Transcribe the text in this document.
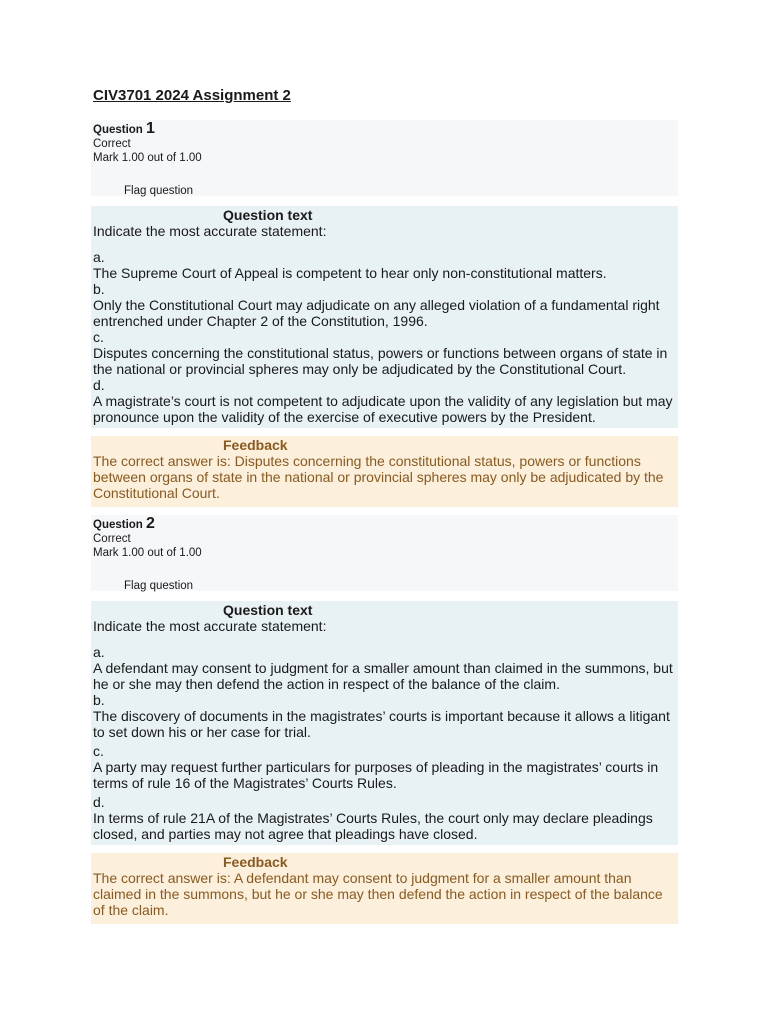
CIV3701 2024 Assignment 2
Question 1
Correct
Mark 1.00 out of 1.00
Flag question
Question text
Indicate the most accurate statement:
a.
The Supreme Court of Appeal is competent to hear only non-constitutional matters.
b.
Only the Constitutional Court may adjudicate on any alleged violation of a fundamental right entrenched under Chapter 2 of the Constitution, 1996.
c.
Disputes concerning the constitutional status, powers or functions between organs of state in the national or provincial spheres may only be adjudicated by the Constitutional Court.
d.
A magistrate’s court is not competent to adjudicate upon the validity of any legislation but may pronounce upon the validity of the exercise of executive powers by the President.
Feedback
The correct answer is: Disputes concerning the constitutional status, powers or functions between organs of state in the national or provincial spheres may only be adjudicated by the Constitutional Court.
Question 2
Correct
Mark 1.00 out of 1.00
Flag question
Question text
Indicate the most accurate statement:
a.
A defendant may consent to judgment for a smaller amount than claimed in the summons, but he or she may then defend the action in respect of the balance of the claim.
b.
The discovery of documents in the magistrates’ courts is important because it allows a litigant to set down his or her case for trial.
c.
A party may request further particulars for purposes of pleading in the magistrates’ courts in terms of rule 16 of the Magistrates’ Courts Rules.
d.
In terms of rule 21A of the Magistrates’ Courts Rules, the court only may declare pleadings closed, and parties may not agree that pleadings have closed.
Feedback
The correct answer is: A defendant may consent to judgment for a smaller amount than claimed in the summons, but he or she may then defend the action in respect of the balance of the claim.
